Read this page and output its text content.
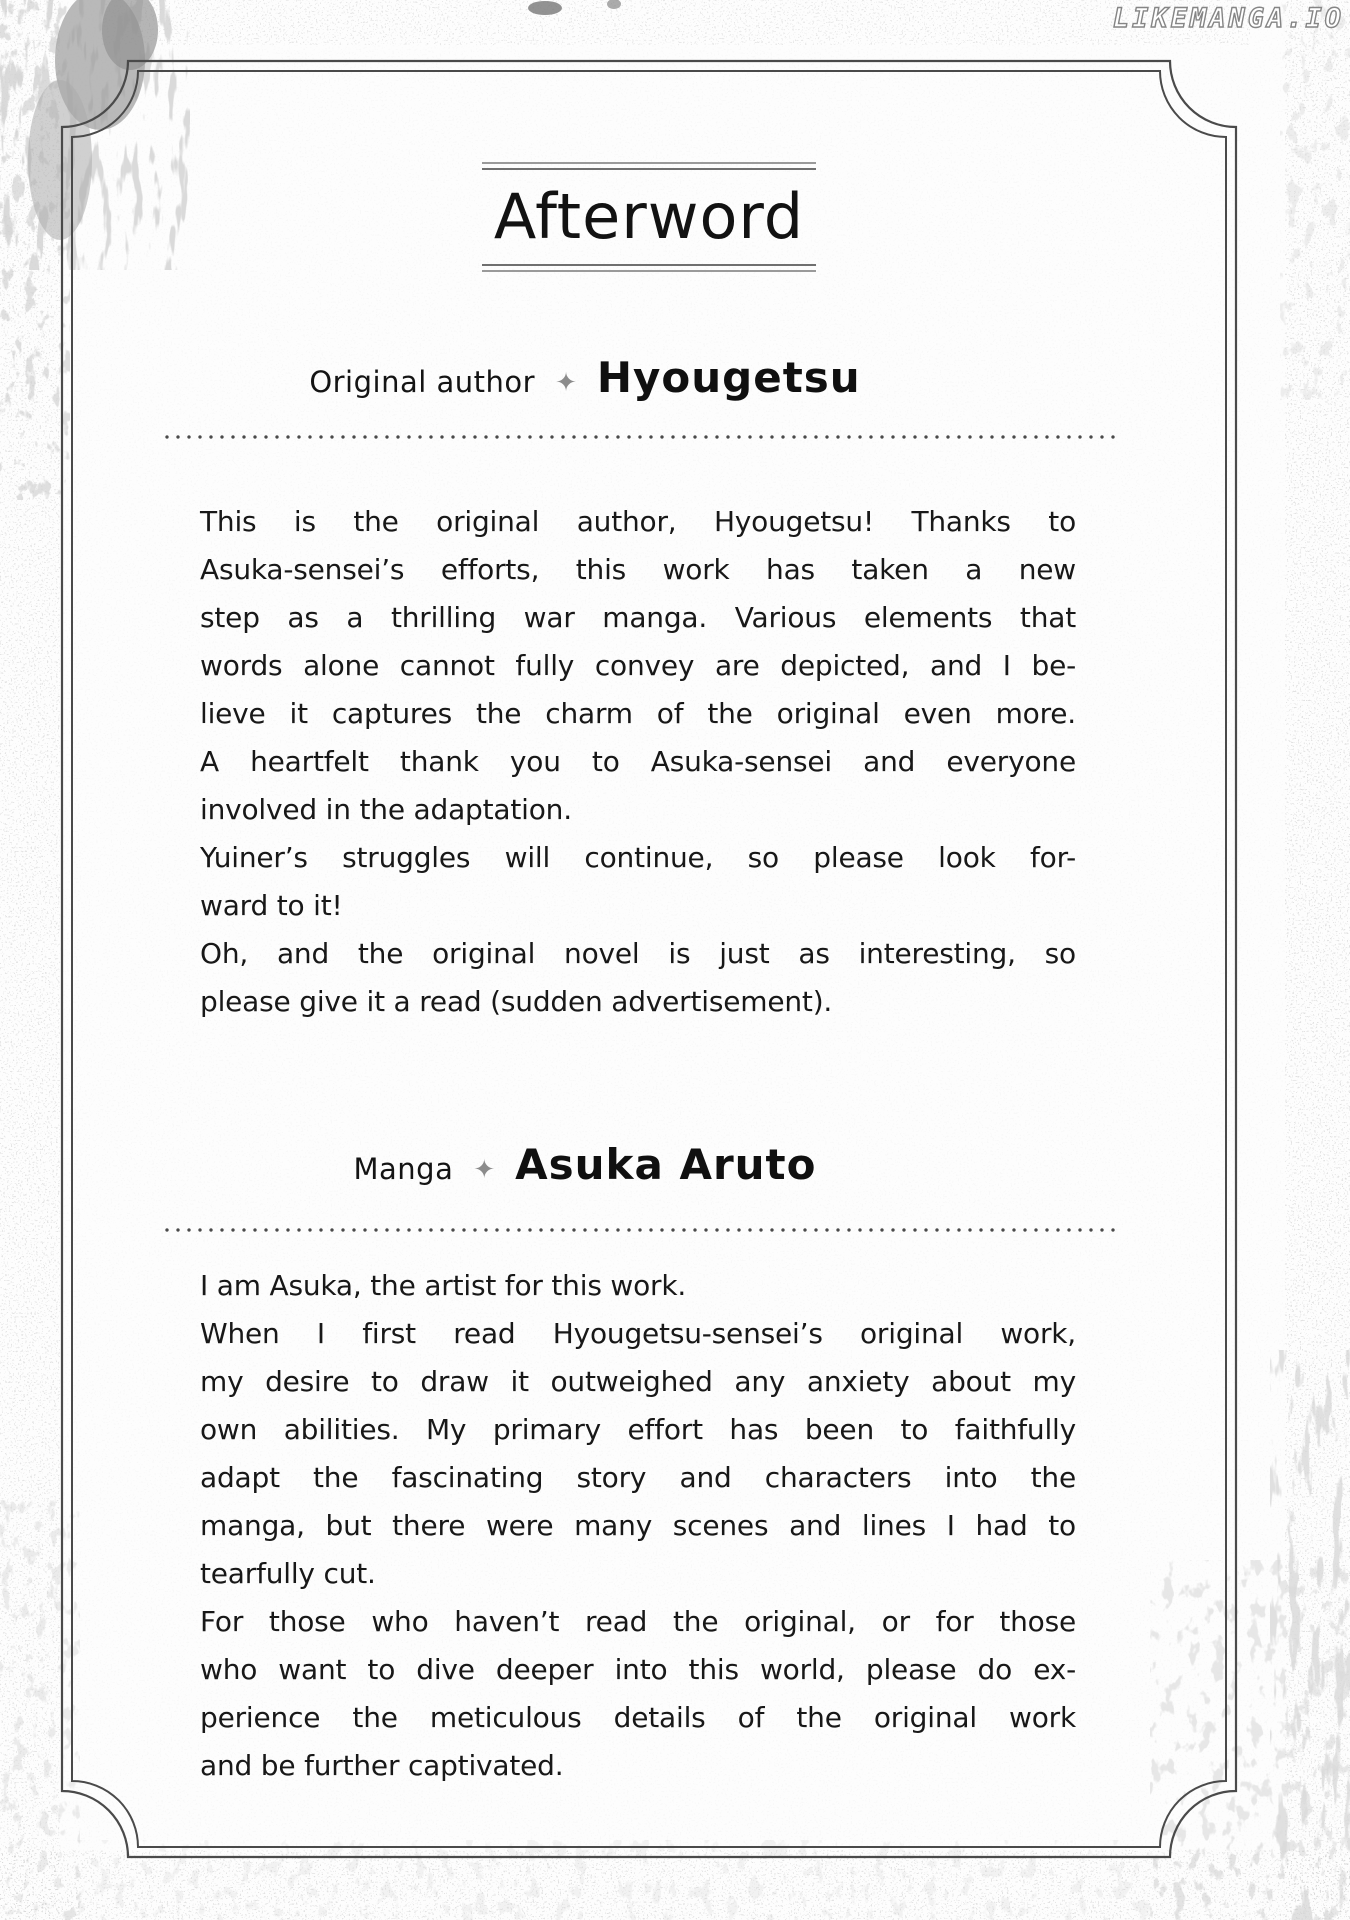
LIKEMANGA.IO
Afterword
Original author ✦ Hyougetsu
This is the original author, Hyougetsu! Thanks to
Asuka-sensei’s efforts, this work has taken a new
step as a thrilling war manga. Various elements that
words alone cannot fully convey are depicted, and I be-
lieve it captures the charm of the original even more.
A heartfelt thank you to Asuka-sensei and everyone
involved in the adaptation.
Yuiner’s struggles will continue, so please look for-
ward to it!
Oh, and the original novel is just as interesting, so
please give it a read (sudden advertisement).
Manga ✦ Asuka Aruto
I am Asuka, the artist for this work.
When I first read Hyougetsu-sensei’s original work,
my desire to draw it outweighed any anxiety about my
own abilities. My primary effort has been to faithfully
adapt the fascinating story and characters into the
manga, but there were many scenes and lines I had to
tearfully cut.
For those who haven’t read the original, or for those
who want to dive deeper into this world, please do ex-
perience the meticulous details of the original work
and be further captivated.
